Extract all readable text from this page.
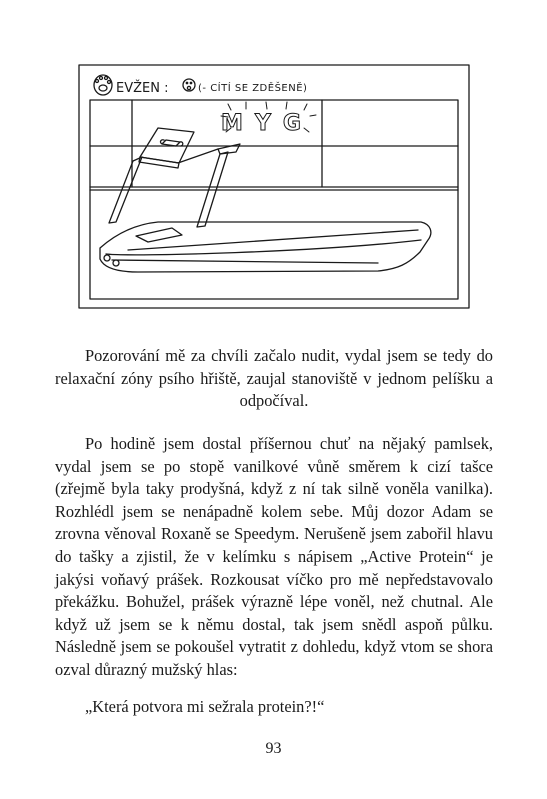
EVŽEN :	(- CÍTÍ SE ZDĚŠENĚ)
MYG

Pozorování mě za chvíli začalo nudit, vydal jsem se tedy do relaxační zóny psího hřiště, zaujal stanoviště v jednom pelíšku a odpočíval.

Po hodině jsem dostal příšernou chuť na nějaký pamlsek, vydal jsem se po stopě vanilkové vůně směrem k cizí tašce (zřejmě byla taky prodyšná, když z ní tak silně voněla vanilka). Rozhlédl jsem se nenápadně kolem sebe. Můj dozor Adam se zrovna věnoval Roxaně se Speedym. Nerušeně jsem zabořil hlavu do tašky a zjistil, že v kelímku s nápisem „Active Protein“ je jakýsi voňavý prášek. Rozkousat víčko pro mě nepředstavovalo překážku. Bohužel, prášek výrazně lépe voněl, než chutnal. Ale když už jsem se k němu dostal, tak jsem snědl aspoň půlku. Následně jsem se pokoušel vytratit z dohledu, když vtom se shora ozval důrazný mužský hlas:

„Která potvora mi sežrala protein?!“

93
